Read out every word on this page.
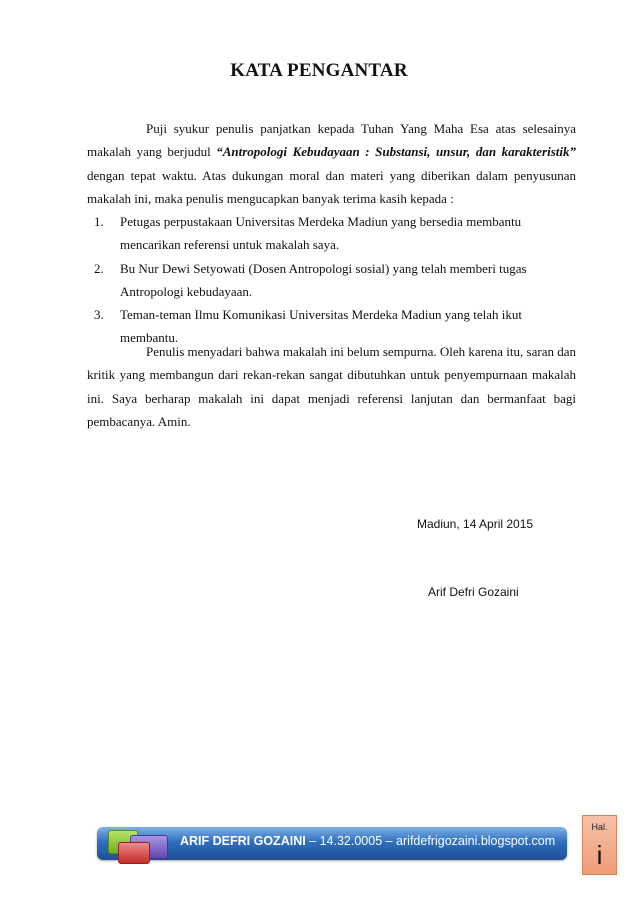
KATA PENGANTAR
Puji syukur penulis panjatkan kepada Tuhan Yang Maha Esa atas selesainya makalah yang berjudul “Antropologi Kebudayaan : Substansi, unsur, dan karakteristik” dengan tepat waktu. Atas dukungan moral dan materi yang diberikan dalam penyusunan makalah ini, maka penulis mengucapkan banyak terima kasih kepada :
1. Petugas perpustakaan Universitas Merdeka Madiun yang bersedia membantu mencarikan referensi untuk makalah saya.
2. Bu Nur Dewi Setyowati (Dosen Antropologi sosial) yang telah memberi tugas Antropologi kebudayaan.
3. Teman-teman Ilmu Komunikasi Universitas Merdeka Madiun yang telah ikut membantu.
Penulis menyadari bahwa makalah ini belum sempurna. Oleh karena itu, saran dan kritik yang membangun dari rekan-rekan sangat dibutuhkan untuk penyempurnaan makalah ini. Saya berharap makalah ini dapat menjadi referensi lanjutan dan bermanfaat bagi pembacanya. Amin.
Madiun, 14 April 2015
Arif Defri Gozaini
ARIF DEFRI GOZAINI – 14.32.0005 – arifdefrigozaini.blogspot.com
Hal.
i
